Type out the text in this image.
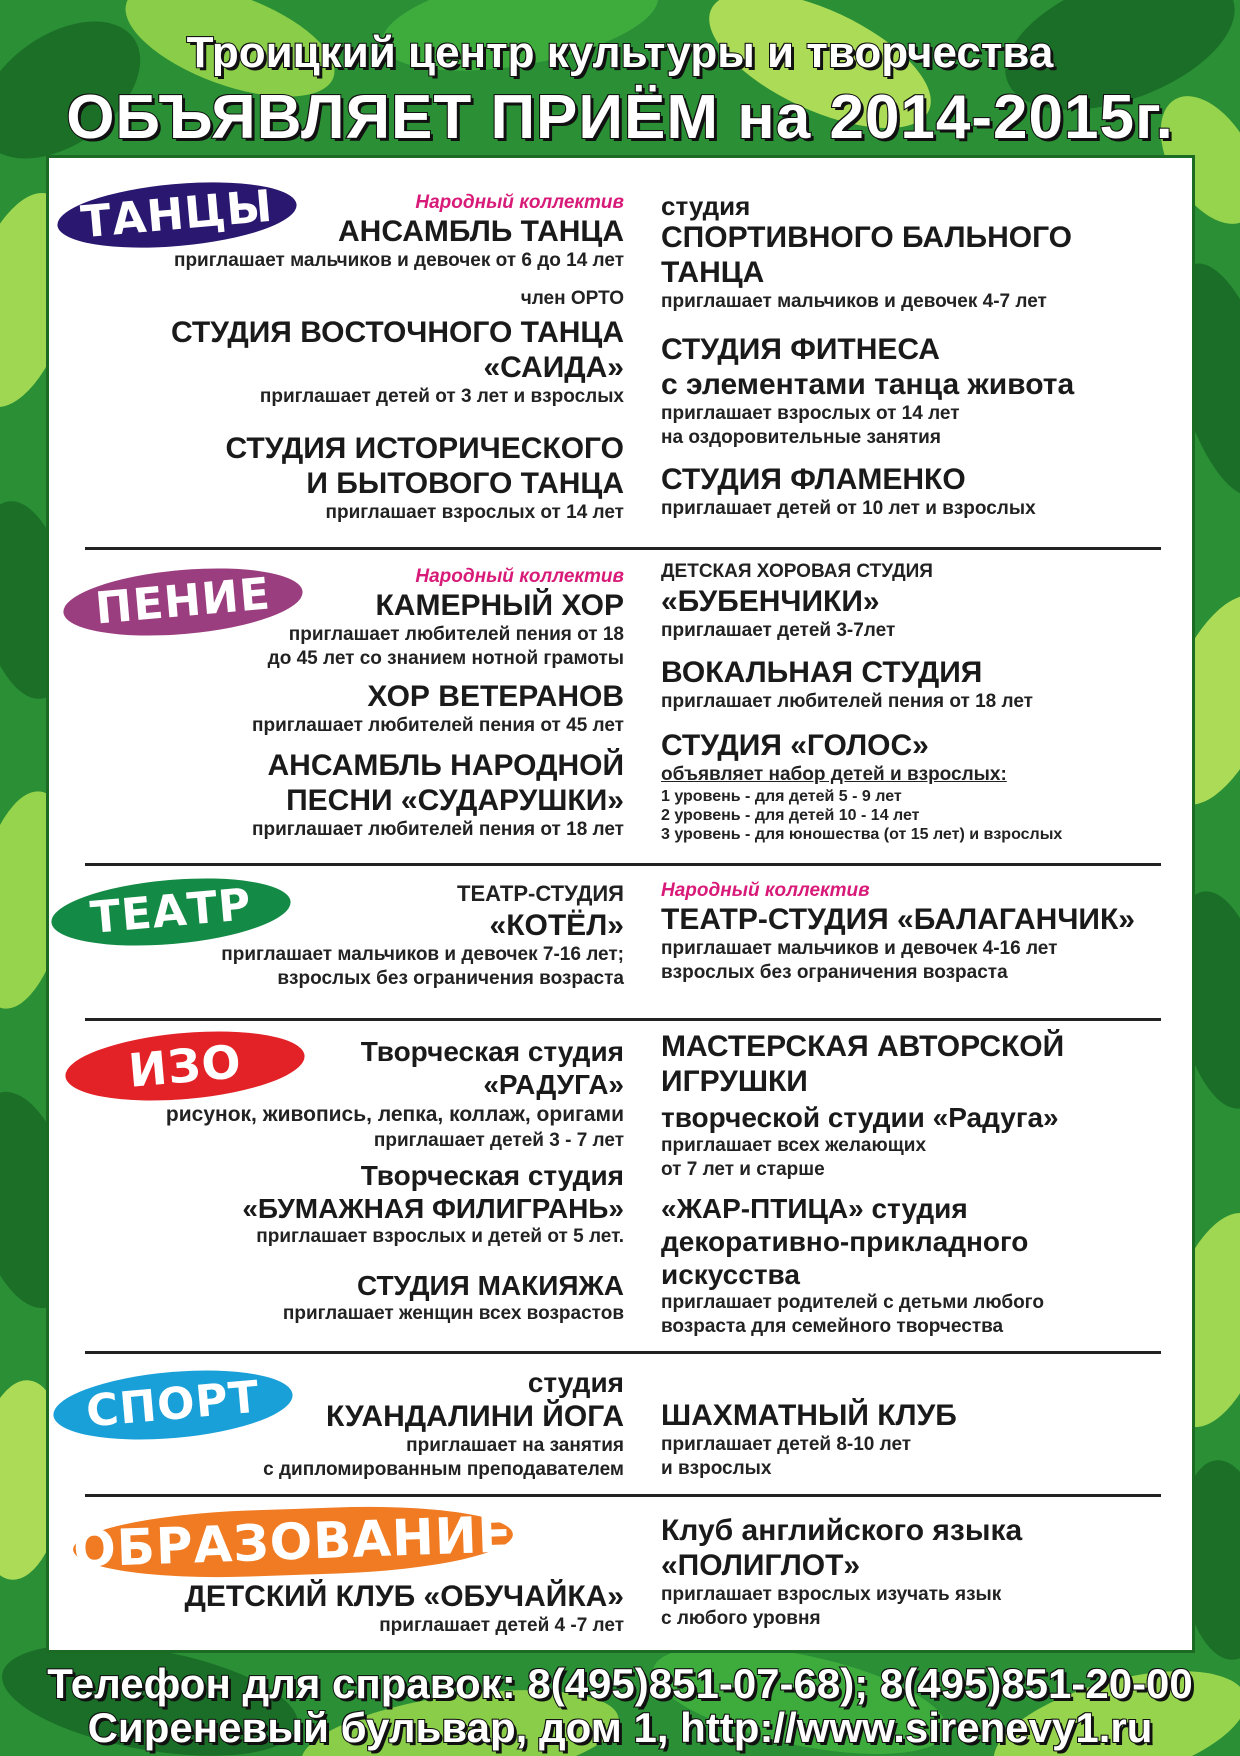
Троицкий центр культуры и творчества
ОБЪЯВЛЯЕТ ПРИЁМ на 2014-2015г.
ТАНЦЫ	Народный коллектив
АНСАМБЛЬ ТАНЦА
приглашает мальчиков и девочек от 6 до 14 лет
член ОРТО
СТУДИЯ ВОСТОЧНОГО ТАНЦА
«САИДА»
приглашает детей от 3 лет и взрослых
СТУДИЯ ИСТОРИЧЕСКОГО
И БЫТОВОГО ТАНЦА
приглашает взрослых от 14 лет
студия
СПОРТИВНОГО БАЛЬНОГО
ТАНЦА
приглашает мальчиков и девочек 4-7 лет
СТУДИЯ ФИТНЕСА
с элементами танца живота
приглашает взрослых от 14 лет
на оздоровительные занятия
СТУДИЯ ФЛАМЕНКО
приглашает детей от 10 лет и взрослых
ПЕНИЕ	Народный коллектив
КАМЕРНЫЙ ХОР
приглашает любителей пения от 18
до 45 лет со знанием нотной грамоты
ХОР ВЕТЕРАНОВ
приглашает любителей пения от 45 лет
АНСАМБЛЬ НАРОДНОЙ
ПЕСНИ «СУДАРУШКИ»
приглашает любителей пения от 18 лет
ДЕТСКАЯ ХОРОВАЯ СТУДИЯ
«БУБЕНЧИКИ»
приглашает детей 3-7лет
ВОКАЛЬНАЯ СТУДИЯ
приглашает любителей пения от 18 лет
СТУДИЯ «ГОЛОС»
объявляет набор детей и взрослых:
1 уровень - для детей 5 - 9 лет
2 уровень - для детей 10 - 14 лет
3 уровень - для юношества (от 15 лет) и взрослых
ТЕАТР	ТЕАТР-СТУДИЯ
«КОТЁЛ»
приглашает мальчиков и девочек 7-16 лет;
взрослых без ограничения возраста
Народный коллектив
ТЕАТР-СТУДИЯ «БАЛАГАНЧИК»
приглашает мальчиков и девочек 4-16 лет
взрослых без ограничения возраста
ИЗО	Творческая студия
«РАДУГА»
рисунок, живопись, лепка, коллаж, оригами
приглашает детей 3 - 7 лет
Творческая студия
«БУМАЖНАЯ ФИЛИГРАНЬ»
приглашает взрослых и детей от 5 лет.
СТУДИЯ МАКИЯЖА
приглашает женщин всех возрастов
МАСТЕРСКАЯ АВТОРСКОЙ
ИГРУШКИ
творческой студии «Радуга»
приглашает всех желающих
от 7 лет и старше
«ЖАР-ПТИЦА» студия
декоративно-прикладного
искусства
приглашает родителей с детьми любого
возраста для семейного творчества
СПОРТ	студия
КУАНДАЛИНИ ЙОГА
приглашает на занятия
с дипломированным преподавателем
ШАХМАТНЫЙ КЛУБ
приглашает детей 8-10 лет
и взрослых
ОБРАЗОВАНИЕ
ДЕТСКИЙ КЛУБ «ОБУЧАЙКА»
приглашает детей 4 -7 лет
Клуб английского языка
«ПОЛИГЛОТ»
приглашает взрослых изучать язык
с любого уровня
Телефон для справок: 8(495)851-07-68); 8(495)851-20-00
Сиреневый бульвар, дом 1, http://www.sirenevy1.ru
